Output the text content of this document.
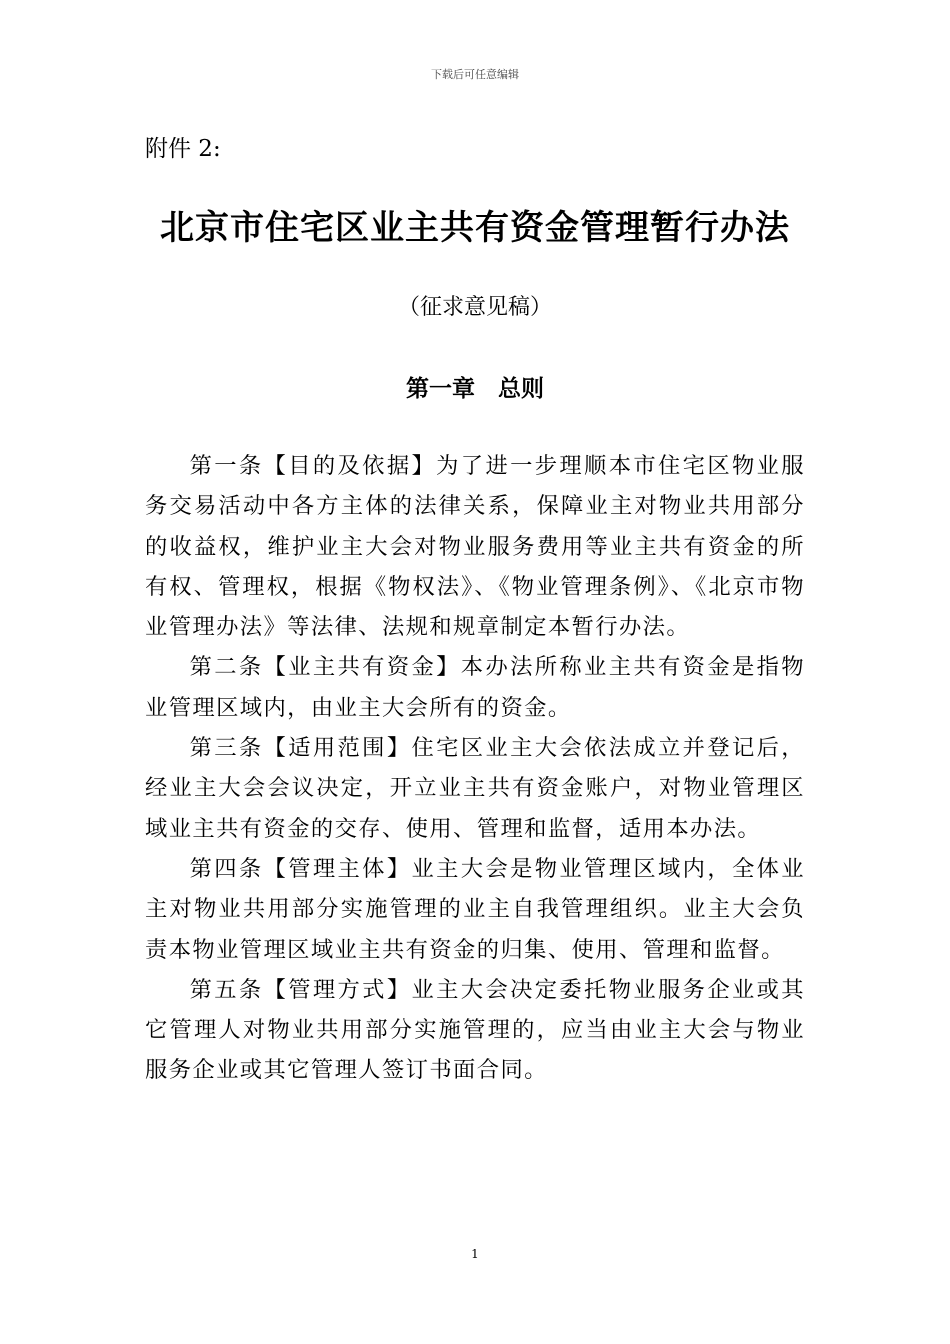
下载后可任意编辑
附件 2:
北京市住宅区业主共有资金管理暂行办法
（征求意见稿）
第一章　总则

第一条【目的及依据】为了进一步理顺本市住宅区物业服务交易活动中各方主体的法律关系，保障业主对物业共用部分的收益权，维护业主大会对物业服务费用等业主共有资金的所有权、管理权，根据《物权法》、《物业管理条例》、《北京市物业管理办法》等法律、法规和规章制定本暂行办法。

第二条【业主共有资金】本办法所称业主共有资金是指物业管理区域内，由业主大会所有的资金。

第三条【适用范围】住宅区业主大会依法成立并登记后，经业主大会会议决定，开立业主共有资金账户，对物业管理区域业主共有资金的交存、使用、管理和监督，适用本办法。

第四条【管理主体】业主大会是物业管理区域内，全体业主对物业共用部分实施管理的业主自我管理组织。业主大会负责本物业管理区域业主共有资金的归集、使用、管理和监督。

第五条【管理方式】业主大会决定委托物业服务企业或其它管理人对物业共用部分实施管理的，应当由业主大会与物业服务企业或其它管理人签订书面合同。

1
